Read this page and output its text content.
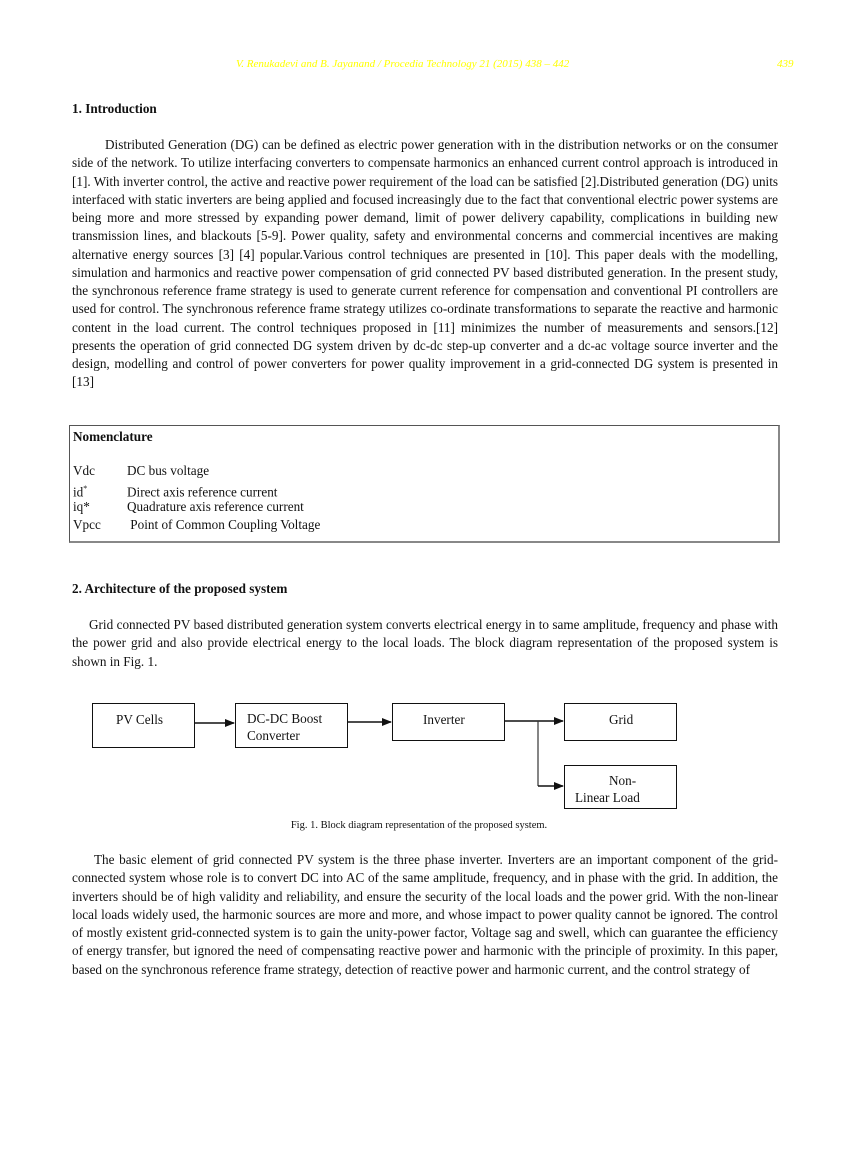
V. Renukadevi and B. Jayanand / Procedia Technology 21 (2015) 438 – 442	439
1. Introduction

Distributed Generation (DG) can be defined as electric power generation with in the distribution networks or on the consumer side of the network. To utilize interfacing converters to compensate harmonics an enhanced current control approach is introduced in [1]. With inverter control, the active and reactive power requirement of the load can be satisfied [2].Distributed generation (DG) units interfaced with static inverters are being applied and focused increasingly due to the fact that conventional electric power systems are being more and more stressed by expanding power demand, limit of power delivery capability, complications in building new transmission lines, and blackouts [5-9]. Power quality, safety and environmental concerns and commercial incentives are making alternative energy sources [3] [4] popular.Various control techniques are presented in [10]. This paper deals with the modelling, simulation and harmonics and reactive power compensation of grid connected PV based distributed generation. In the present study, the synchronous reference frame strategy is used to generate current reference for compensation and conventional PI controllers are used for control. The synchronous reference frame strategy utilizes co-ordinate transformations to separate the reactive and harmonic content in the load current. The control techniques proposed in [11] minimizes the number of measurements and sensors.[12] presents the operation of grid connected DG system driven by dc-dc step-up converter and a dc-ac voltage source inverter and the design, modelling and control of power converters for power quality improvement in a grid-connected DG system is presented in [13]

Nomenclature
Vdc DC bus voltage
id*	Direct axis reference current
iq*	Quadrature axis reference current
Vpcc Point of Common Coupling Voltage
2. Architecture of the proposed system

Grid connected PV based distributed generation system converts electrical energy in to same amplitude, frequency and phase with the power grid and also provide electrical energy to the local loads. The block diagram representation of the proposed system is shown in Fig. 1.

PV Cells	DC-DC Boost
Converter
Inverter	Grid
Non-
Linear Load
Fig. 1. Block diagram representation of the proposed system.

The basic element of grid connected PV system is the three phase inverter. Inverters are an important component of the grid-connected system whose role is to convert DC into AC of the same amplitude, frequency, and in phase with the grid. In addition, the inverters should be of high validity and reliability, and ensure the security of the local loads and the power grid. With the non-linear local loads widely used, the harmonic sources are more and more, and whose impact to power quality cannot be ignored. The control of mostly existent grid-connected system is to gain the unity-power factor, Voltage sag and swell, which can guarantee the efficiency of energy transfer, but ignored the need of compensating reactive power and harmonic with the principle of proximity. In this paper, based on the synchronous reference frame strategy, detection of reactive power and harmonic current, and the control strategy of
